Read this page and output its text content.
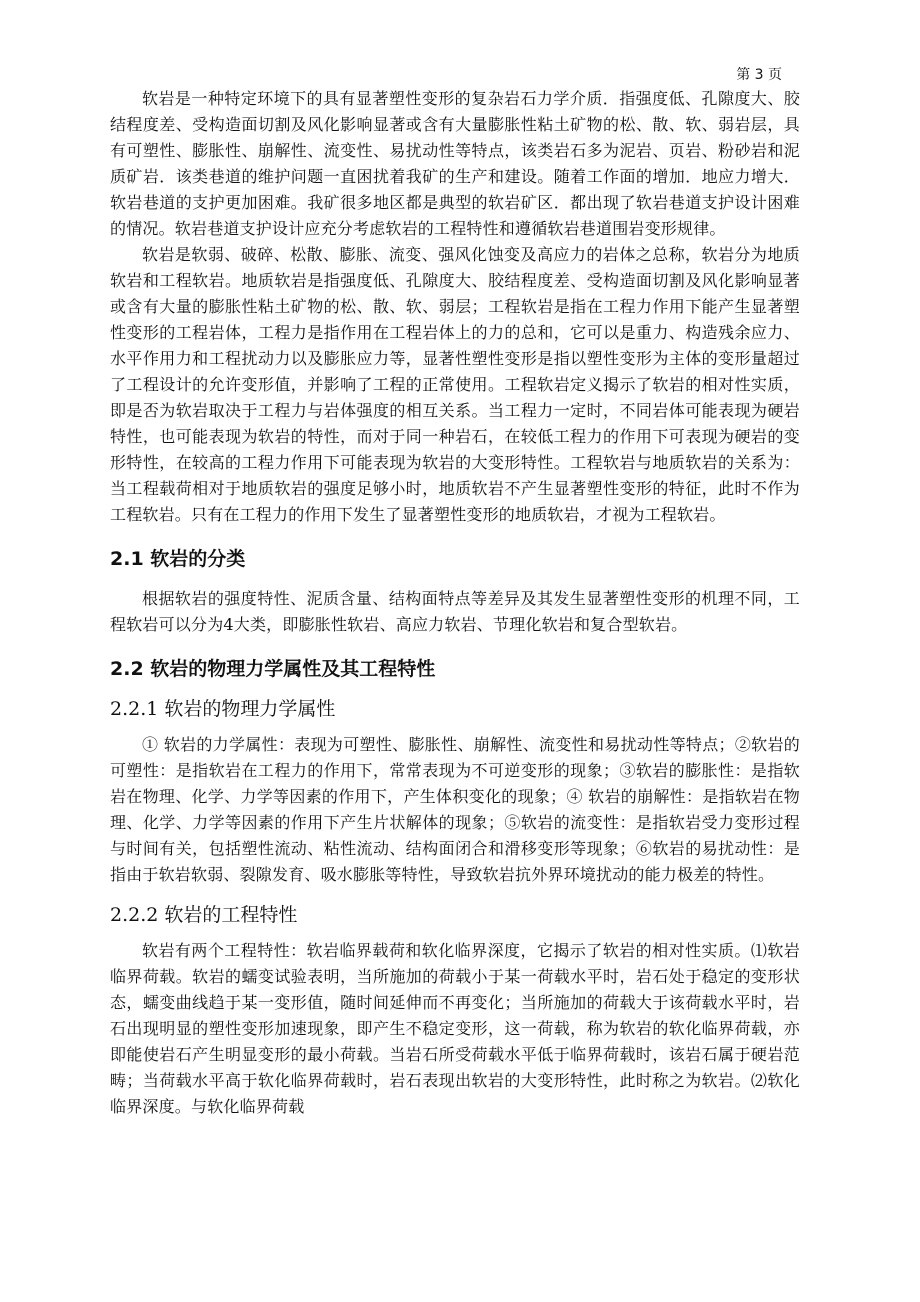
第 3 页

软岩是一种特定环境下的具有显著塑性变形的复杂岩石力学介质．指强度低、孔隙度大、胶结程度差、受构造面切割及风化影响显著或含有大量膨胀性粘土矿物的松、散、软、弱岩层，具有可塑性、膨胀性、崩解性、流变性、易扰动性等特点，该类岩石多为泥岩、页岩、粉砂岩和泥质矿岩．该类巷道的维护问题一直困扰着我矿的生产和建设。随着工作面的增加．地应力增大．软岩巷道的支护更加困难。我矿很多地区都是典型的软岩矿区．都出现了软岩巷道支护设计困难的情况。软岩巷道支护设计应充分考虑软岩的工程特性和遵循软岩巷道围岩变形规律。

软岩是软弱、破碎、松散、膨胀、流变、强风化蚀变及高应力的岩体之总称，软岩分为地质软岩和工程软岩。地质软岩是指强度低、孔隙度大、胶结程度差、受构造面切割及风化影响显著或含有大量的膨胀性粘土矿物的松、散、软、弱层；工程软岩是指在工程力作用下能产生显著塑性变形的工程岩体，工程力是指作用在工程岩体上的力的总和，它可以是重力、构造残余应力、水平作用力和工程扰动力以及膨胀应力等，显著性塑性变形是指以塑性变形为主体的变形量超过了工程设计的允许变形值，并影响了工程的正常使用。工程软岩定义揭示了软岩的相对性实质，即是否为软岩取决于工程力与岩体强度的相互关系。当工程力一定时，不同岩体可能表现为硬岩特性，也可能表现为软岩的特性，而对于同一种岩石，在较低工程力的作用下可表现为硬岩的变形特性，在较高的工程力作用下可能表现为软岩的大变形特性。工程软岩与地质软岩的关系为：当工程载荷相对于地质软岩的强度足够小时，地质软岩不产生显著塑性变形的特征，此时不作为工程软岩。只有在工程力的作用下发生了显著塑性变形的地质软岩，才视为工程软岩。

2.1 软岩的分类

根据软岩的强度特性、泥质含量、结构面特点等差异及其发生显著塑性变形的机理不同，工程软岩可以分为4大类，即膨胀性软岩、高应力软岩、节理化软岩和复合型软岩。

2.2 软岩的物理力学属性及其工程特性
2.2.1 软岩的物理力学属性

① 软岩的力学属性：表现为可塑性、膨胀性、崩解性、流变性和易扰动性等特点；②软岩的可塑性：是指软岩在工程力的作用下，常常表现为不可逆变形的现象；③软岩的膨胀性：是指软岩在物理、化学、力学等因素的作用下，产生体积变化的现象；④ 软岩的崩解性：是指软岩在物理、化学、力学等因素的作用下产生片状解体的现象；⑤软岩的流变性：是指软岩受力变形过程与时间有关，包括塑性流动、粘性流动、结构面闭合和滑移变形等现象；⑥软岩的易扰动性：是指由于软岩软弱、裂隙发育、吸水膨胀等特性，导致软岩抗外界环境扰动的能力极差的特性。

2.2.2 软岩的工程特性

软岩有两个工程特性：软岩临界载荷和软化临界深度，它揭示了软岩的相对性实质。⑴软岩临界荷载。软岩的蠕变试验表明，当所施加的荷载小于某一荷载水平时，岩石处于稳定的变形状态，蠕变曲线趋于某一变形值，随时间延伸而不再变化；当所施加的荷载大于该荷载水平时，岩石出现明显的塑性变形加速现象，即产生不稳定变形，这一荷载，称为软岩的软化临界荷载，亦即能使岩石产生明显变形的最小荷载。当岩石所受荷载水平低于临界荷载时，该岩石属于硬岩范畴；当荷载水平高于软化临界荷载时，岩石表现出软岩的大变形特性，此时称之为软岩。⑵软化临界深度。与软化临界荷载
